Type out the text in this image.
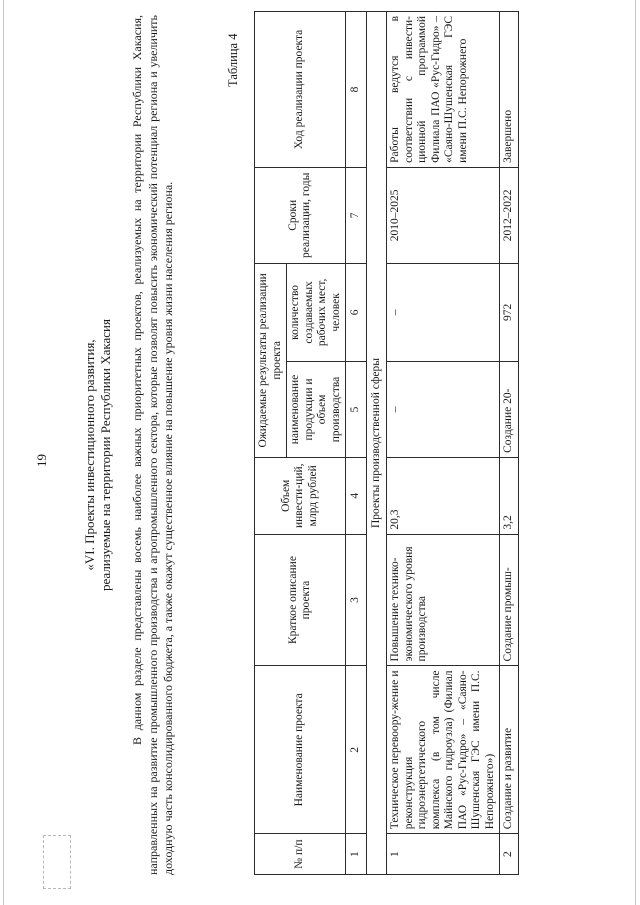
19	«VI. Проекты инвестиционного развития, реализуемые на территории Республики Хакасия В данном разделе представлены восемь наиболее важных приоритетных проектов, реализуемых на территории Республики Хакасия, направленных на развитие промышленного производства и агропромышленного сектора, которые позволят повысить экономический потенциал региона и увеличить доходную часть консолидированного бюджета, а также окажут существенное влияние на повышение уровня жизни населения региона.

Таблица 4
№ п/п	Наименование проекта	Краткое описание проекта	Объем инвести-ций, млрд рублей	Ожидаемые результаты реализации проекта		Сроки реализации, годы	Ход реализации проекта
				наименование продукции и объем производства	количество создаваемых рабочих мест, человек		
1	2	3	4	5	6	7	8
Проекты производственной сферы							
1	Техническое перевоору-жение и реконструкция гидроэнергетического комплекса (в том числе Майнского гидроузла) (Филиал ПАО «Рус-Гидро» – «Саяно-Шушенская ГЭС имени П.С. Непорожнего»)	Повышение технико-экономического уровня производства	20,3	–	–	2010–2025	Работы ведутся в соответствии с инвести-ционной программой Филиала ПАО «Рус-Гидро» – «Саяно-Шушенская ГЭС имени П.С. Непорожнего
2	Создание и развитие	Создание промыш-	3,2	Создание 20-	972	2012–2022	Завершено
